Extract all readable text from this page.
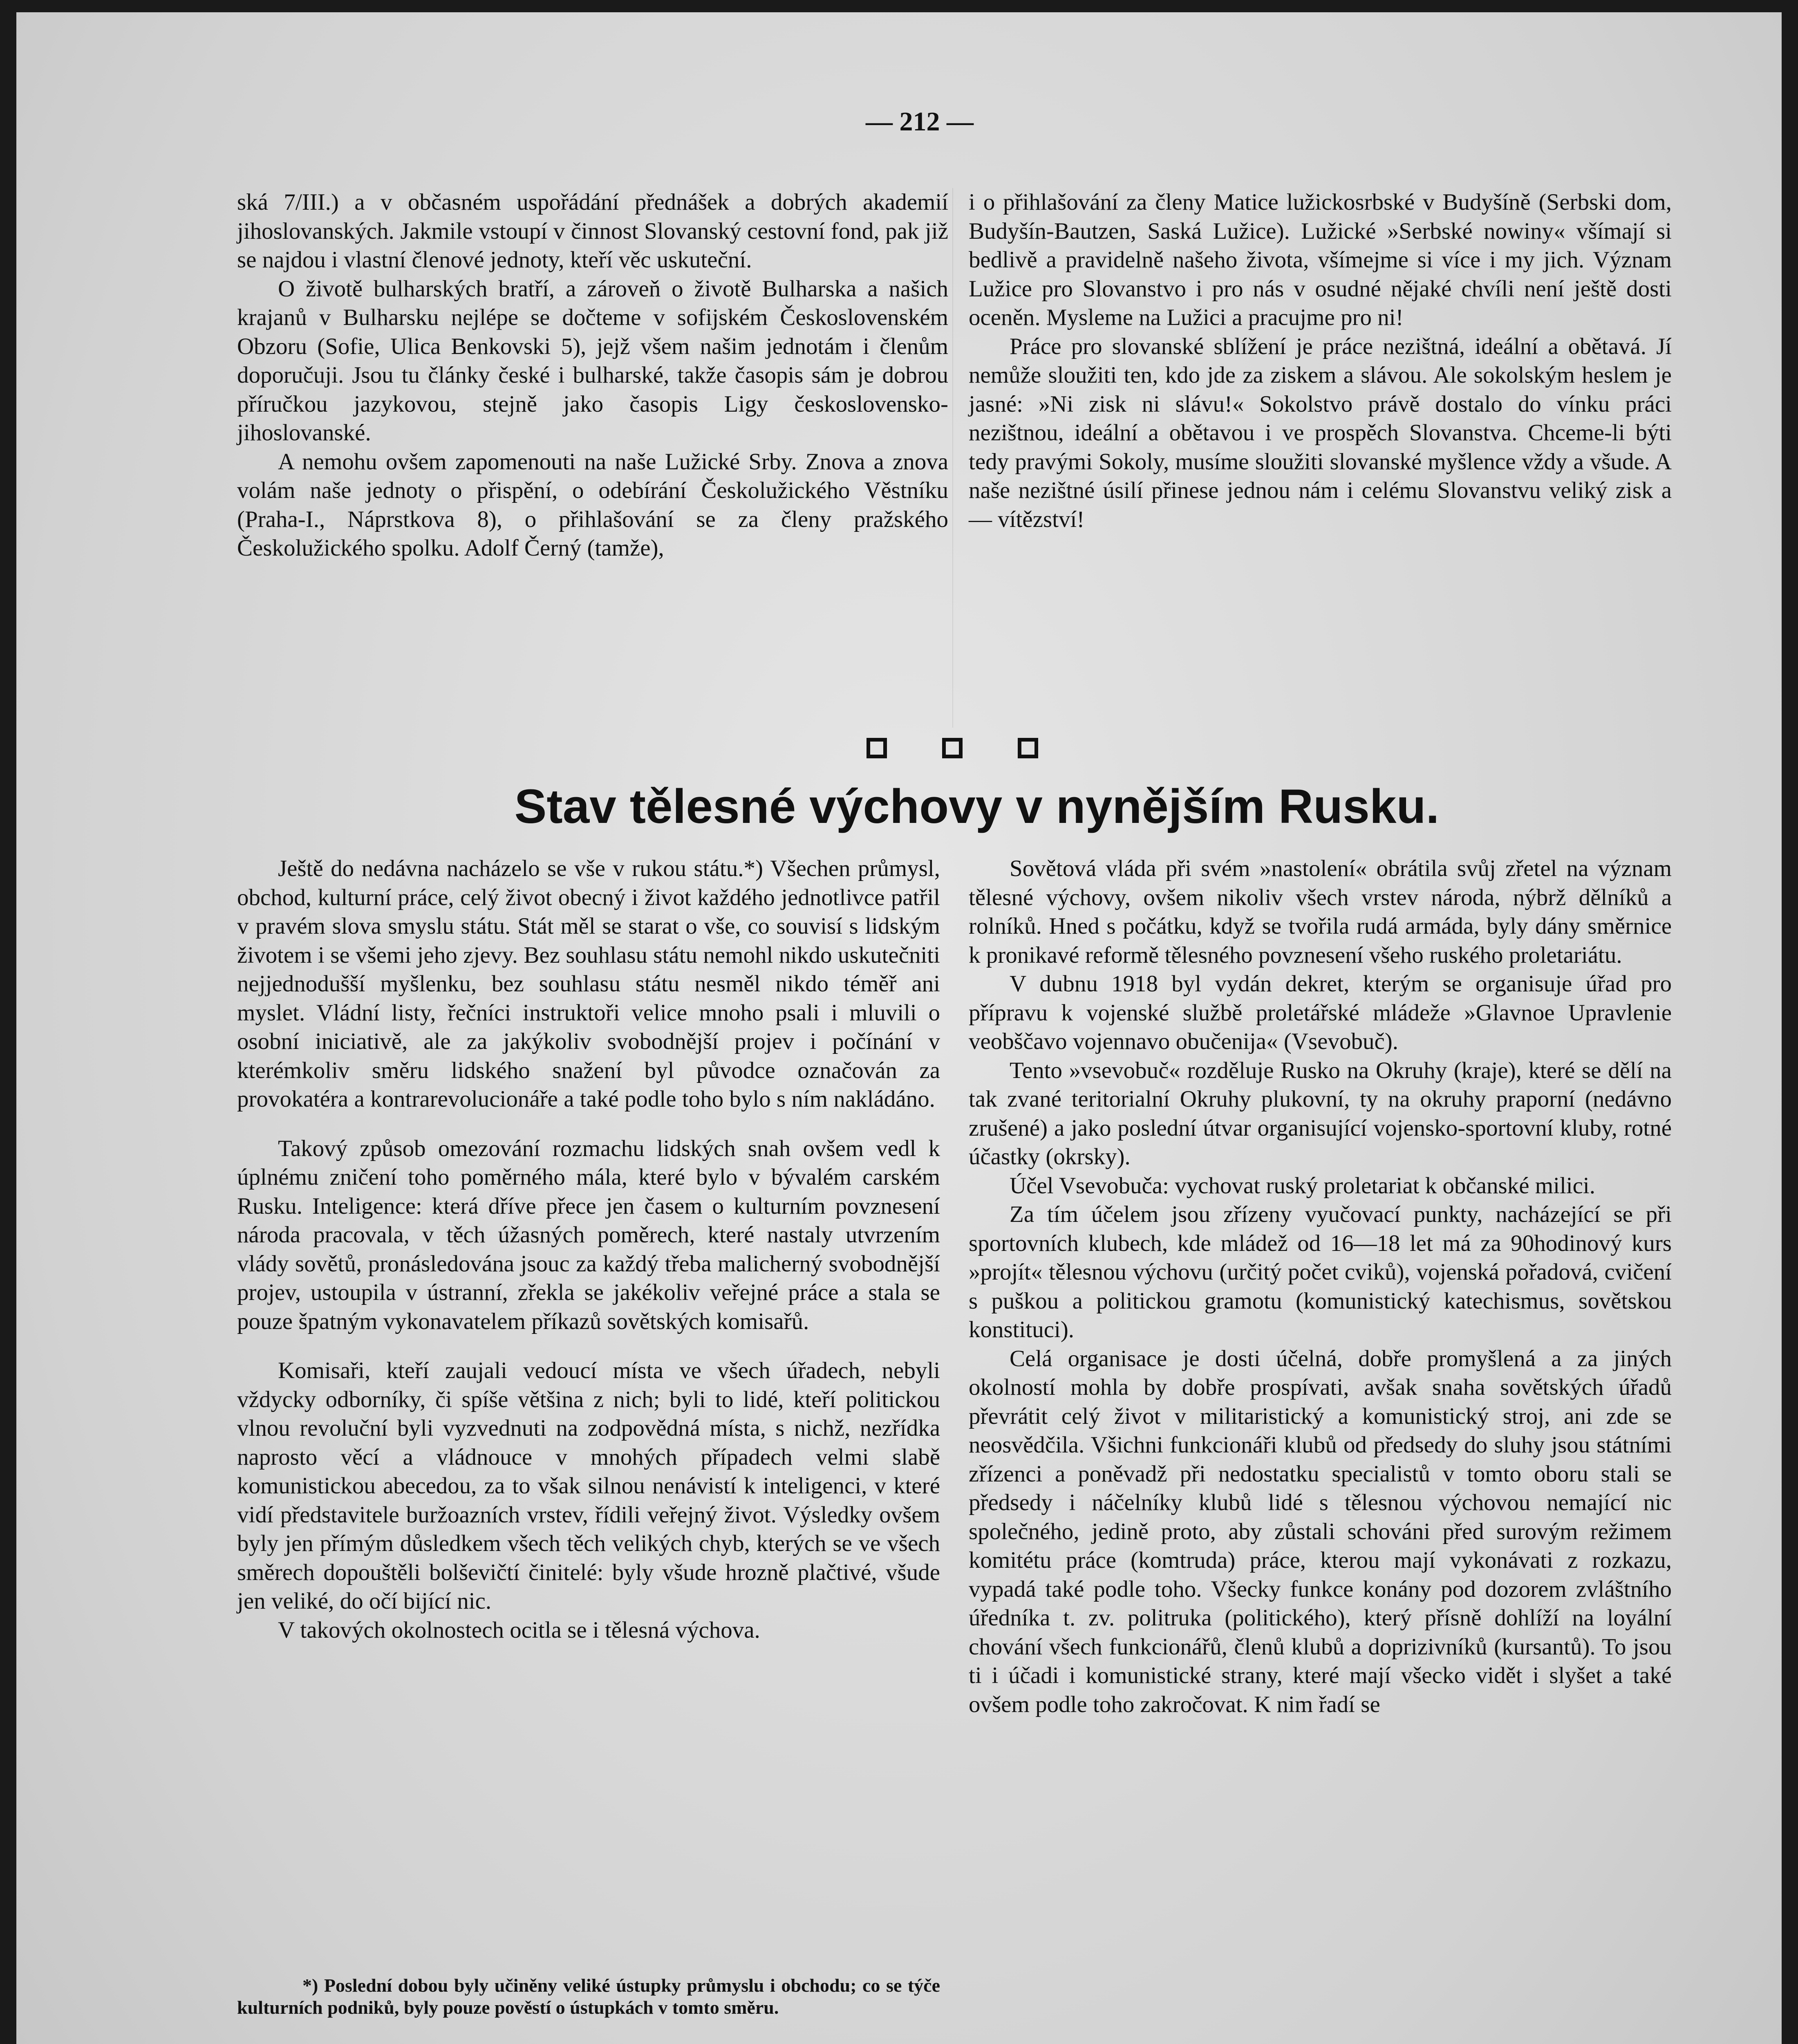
— 212 —

ská 7/III.) a v občasném uspořádání přednášek a dobrých akademií jihoslovanských. Jakmile vstoupí v činnost Slovanský cestovní fond, pak již se najdou i vlastní členové jednoty, kteří věc uskuteční.

O životě bulharských bratří, a zároveň o životě Bulharska a našich krajanů v Bulharsku nejlépe se dočteme v sofijském Československém Obzoru (Sofie, Ulica Benkovski 5), jejž všem našim jednotám i členům doporučuji. Jsou tu články české i bulharské, takže časopis sám je dobrou příručkou jazykovou, stejně jako časopis Ligy československo-jihoslovanské.

A nemohu ovšem zapomenouti na naše Lužické Srby. Znova a znova volám naše jednoty o přispění, o odebírání Českolužického Věstníku (Praha-I., Náprstkova 8), o přihlašování se za členy pražského Českolužického spolku. Adolf Černý (tamže),

i o přihlašování za členy Matice lužickosrbské v Budyšíně (Serbski dom, Budyšín-Bautzen, Saská Lužice). Lužické »Serbské nowiny« všímají si bedlivě a pravidelně našeho života, všímejme si více i my jich. Význam Lužice pro Slovanstvo i pro nás v osudné nějaké chvíli není ještě dosti oceněn. Mysleme na Lužici a pracujme pro ni!

Práce pro slovanské sblížení je práce nezištná, ideální a obětavá. Jí nemůže sloužiti ten, kdo jde za ziskem a slávou. Ale sokolským heslem je jasné: »Ni zisk ni slávu!« Sokolstvo právě dostalo do vínku práci nezištnou, ideální a obětavou i ve prospěch Slovanstva. Chceme-li býti tedy pravými Sokoly, musíme sloužiti slovanské myšlence vždy a všude. A naše nezištné úsilí přinese jednou nám i celému Slovanstvu veliký zisk a — vítězství!

Stav tělesné výchovy v nynějším Rusku.

Ještě do nedávna nacházelo se vše v rukou státu.*) Všechen průmysl, obchod, kulturní práce, celý život obecný i život každého jednotlivce patřil v pravém slova smyslu státu. Stát měl se starat o vše, co souvisí s lidským životem i se všemi jeho zjevy. Bez souhlasu státu nemohl nikdo uskutečniti nejjednodušší myšlenku, bez souhlasu státu nesměl nikdo téměř ani myslet. Vládní listy, řečníci instruktoři velice mnoho psali i mluvili o osobní iniciativě, ale za jakýkoliv svobodnější projev i počínání v kterémkoliv směru lidského snažení byl původce označován za provokatéra a kontrarevolucionáře a také podle toho bylo s ním nakládáno.

Takový způsob omezování rozmachu lidských snah ovšem vedl k úplnému zničení toho poměrného mála, které bylo v bývalém carském Rusku. Inteligence: která dříve přece jen časem o kulturním povznesení národa pracovala, v těch úžasných poměrech, které nastaly utvrzením vlády sovětů, pronásledována jsouc za každý třeba malicherný svobodnější projev, ustoupila v ústranní, zřekla se jakékoliv veřejné práce a stala se pouze špatným vykonavatelem příkazů sovětských komisařů.

Komisaři, kteří zaujali vedoucí místa ve všech úřadech, nebyli vždycky odborníky, či spíše většina z nich; byli to lidé, kteří politickou vlnou revoluční byli vyzvednuti na zodpovědná místa, s nichž, nezřídka naprosto věcí a vládnouce v mnohých případech velmi slabě komunistickou abecedou, za to však silnou nenávistí k inteligenci, v které vidí představitele buržoazních vrstev, řídili veřejný život. Výsledky ovšem byly jen přímým důsledkem všech těch velikých chyb, kterých se ve všech směrech dopouštěli bolševičtí činitelé: byly všude hrozně plačtivé, všude jen veliké, do očí bijící nic.

V takových okolnostech ocitla se i tělesná výchova.

*) Poslední dobou byly učiněny veliké ústupky průmyslu i obchodu; co se týče kulturních podniků, byly pouze pověstí o ústupkách v tomto směru.

Sovětová vláda při svém »nastolení« obrátila svůj zřetel na význam tělesné výchovy, ovšem nikoliv všech vrstev národa, nýbrž dělníků a rolníků. Hned s počátku, když se tvořila rudá armáda, byly dány směrnice k pronikavé reformě tělesného povznesení všeho ruského proletariátu.

V dubnu 1918 byl vydán dekret, kterým se organisuje úřad pro přípravu k vojenské službě proletářské mládeže »Glavnoe Upravlenie veobščavo vojennavo obučenija« (Vsevobuč).

Tento »vsevobuč« rozděluje Rusko na Okruhy (kraje), které se dělí na tak zvané teritorialní Okruhy plukovní, ty na okruhy praporní (nedávno zrušené) a jako poslední útvar organisující vojensko-sportovní kluby, rotné účastky (okrsky).

Účel Vsevobuča: vychovat ruský proletariat k občanské milici.

Za tím účelem jsou zřízeny vyučovací punkty, nacházející se při sportovních klubech, kde mládež od 16—18 let má za 90hodinový kurs »projít« tělesnou výchovu (určitý počet cviků), vojenská pořadová, cvičení s puškou a politickou gramotu (komunistický katechismus, sovětskou konstituci).

Celá organisace je dosti účelná, dobře promyšlená a za jiných okolností mohla by dobře prospívati, avšak snaha sovětských úřadů převrátit celý život v militaristický a komunistický stroj, ani zde se neosvědčila. Všichni funkcionáři klubů od předsedy do sluhy jsou státními zřízenci a poněvadž při nedostatku specialistů v tomto oboru stali se předsedy i náčelníky klubů lidé s tělesnou výchovou nemající nic společného, jedině proto, aby zůstali schováni před surovým režimem komitétu práce (komtruda) práce, kterou mají vykonávati z rozkazu, vypadá také podle toho. Všecky funkce konány pod dozorem zvláštního úředníka t. zv. politruka (politického), který přísně dohlíží na loyální chování všech funkcionářů, členů klubů a doprizivníků (kursantů). To jsou ti i účadi i komunistické strany, které mají všecko vidět i slyšet a také ovšem podle toho zakročovat. K nim řadí se
